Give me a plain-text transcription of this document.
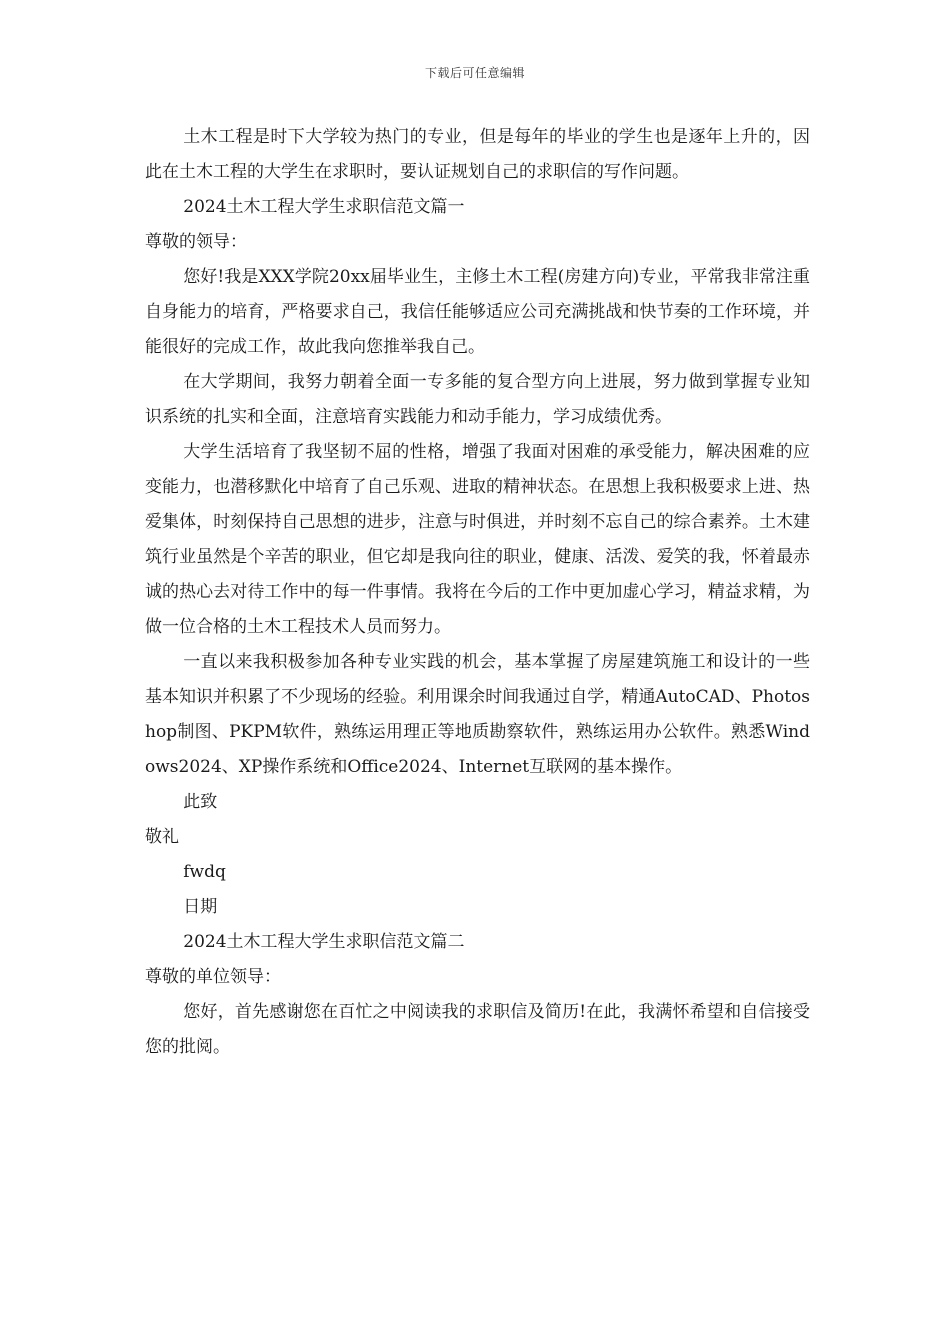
下载后可任意编辑

土木工程是时下大学较为热门的专业，但是每年的毕业的学生也是逐年上升的，因此在土木工程的大学生在求职时，要认证规划自己的求职信的写作问题。

2024土木工程大学生求职信范文篇一

尊敬的领导：

您好!我是XXX学院20xx届毕业生，主修土木工程(房建方向)专业，平常我非常注重自身能力的培育，严格要求自己，我信任能够适应公司充满挑战和快节奏的工作环境，并能很好的完成工作，故此我向您推举我自己。

在大学期间，我努力朝着全面一专多能的复合型方向上进展，努力做到掌握专业知识系统的扎实和全面，注意培育实践能力和动手能力，学习成绩优秀。

大学生活培育了我坚韧不屈的性格，增强了我面对困难的承受能力，解决困难的应变能力，也潜移默化中培育了自己乐观、进取的精神状态。在思想上我积极要求上进、热爱集体，时刻保持自己思想的进步，注意与时俱进，并时刻不忘自己的综合素养。土木建筑行业虽然是个辛苦的职业，但它却是我向往的职业，健康、活泼、爱笑的我，怀着最赤诚的热心去对待工作中的每一件事情。我将在今后的工作中更加虚心学习，精益求精，为做一位合格的土木工程技术人员而努力。

一直以来我积极参加各种专业实践的机会，基本掌握了房屋建筑施工和设计的一些基本知识并积累了不少现场的经验。利用课余时间我通过自学，精通AutoCAD、Photoshop制图、PKPM软件，熟练运用理正等地质勘察软件，熟练运用办公软件。熟悉Windows2024、XP操作系统和Office2024、Internet互联网的基本操作。

此致

敬礼

fwdq

日期

2024土木工程大学生求职信范文篇二

尊敬的单位领导：

您好，首先感谢您在百忙之中阅读我的求职信及简历!在此，我满怀希望和自信接受您的批阅。
